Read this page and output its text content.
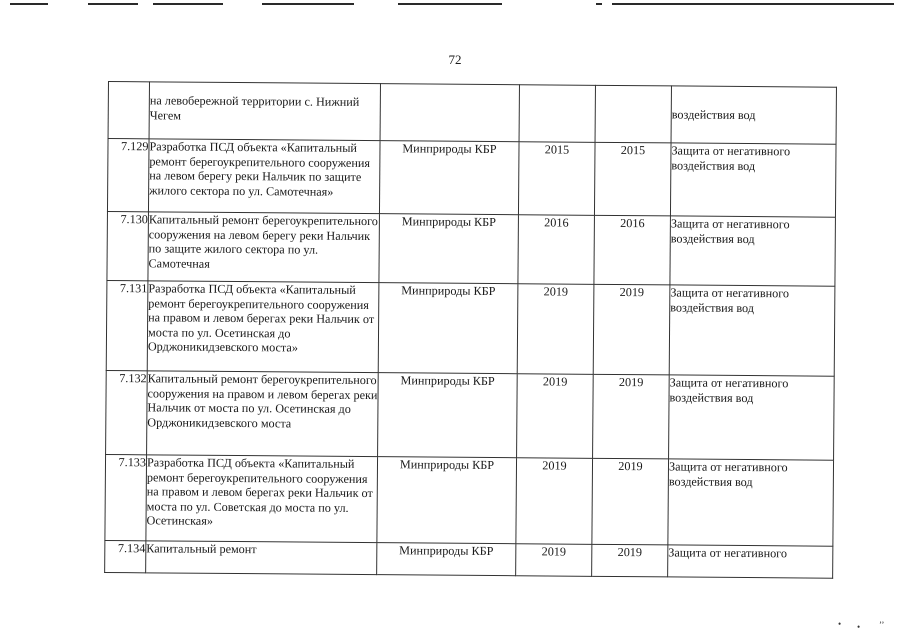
72
	на левобережной территории с. Нижний Чегем				воздействия вод
7.129	Разработка ПСД объекта «Капитальный ремонт берегоукрепительного сооружения на левом берегу реки Нальчик по защите жилого сектора по ул. Самотечная»	Минприроды КБР	2015	2015	Защита от негативного воздействия вод
7.130	Капитальный ремонт берегоукрепительного сооружения на левом берегу реки Нальчик по защите жилого сектора по ул. Самотечная	Минприроды КБР	2016	2016	Защита от негативного воздействия вод
7.131	Разработка ПСД объекта «Капитальный ремонт берегоукрепительного сооружения на правом и левом берегах реки Нальчик от моста по ул. Осетинская до Орджоникидзевского моста»	Минприроды КБР	2019	2019	Защита от негативного воздействия вод
7.132	Капитальный ремонт берегоукрепительного сооружения на правом и левом берегах реки Нальчик от моста по ул. Осетинская до Орджоникидзевского моста	Минприроды КБР	2019	2019	Защита от негативного воздействия вод
7.133	Разработка ПСД объекта «Капитальный ремонт берегоукрепительного сооружения на правом и левом берегах реки Нальчик от моста по ул. Советская до моста по ул. Осетинская»	Минприроды КБР	2019	2019	Защита от негативного воздействия вод
7.134	Капитальный ремонт	Минприроды КБР	2019	2019	Защита от негативного
• • ’’
